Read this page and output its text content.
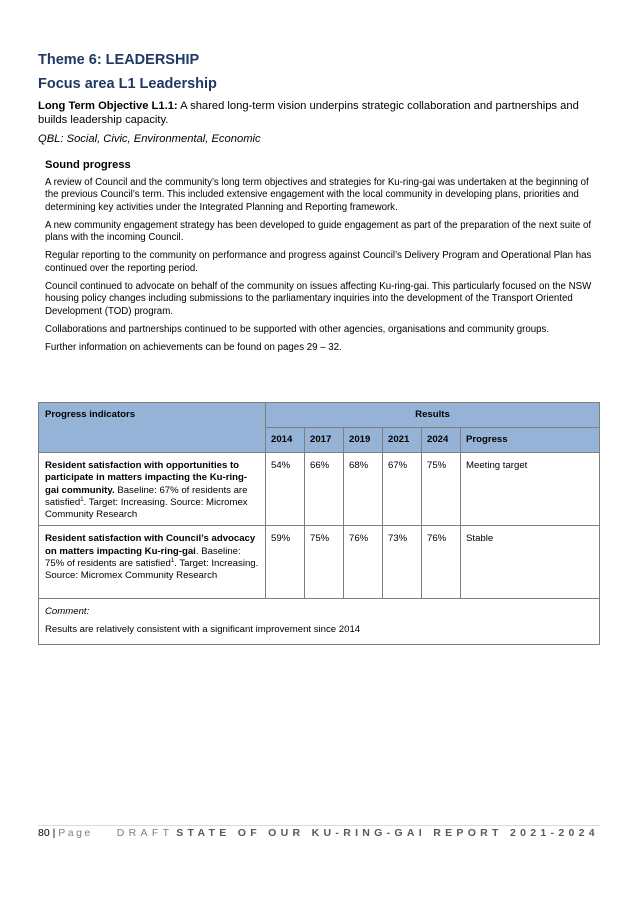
Theme 6: LEADERSHIP
Focus area L1 Leadership
Long Term Objective L1.1: A shared long-term vision underpins strategic collaboration and partnerships and builds leadership capacity.
QBL: Social, Civic, Environmental, Economic
Sound progress

A review of Council and the community’s long term objectives and strategies for Ku-ring-gai was undertaken at the beginning of the previous Council’s term. This included extensive engagement with the local community in developing plans, priorities and determining key activities under the Integrated Planning and Reporting framework.

A new community engagement strategy has been developed to guide engagement as part of the preparation of the next suite of plans with the incoming Council.

Regular reporting to the community on performance and progress against Council’s Delivery Program and Operational Plan has continued over the reporting period.

Council continued to advocate on behalf of the community on issues affecting Ku-ring-gai. This particularly focused on the NSW housing policy changes including submissions to the parliamentary inquiries into the development of the Transport Oriented Development (TOD) program.

Collaborations and partnerships continued to be supported with other agencies, organisations and community groups.

Further information on achievements can be found on pages 29 – 32.

Progress indicators	Results					
	2014	2017	2019	2021	2024	Progress
Resident satisfaction with opportunities to participate in matters impacting the Ku-ring-gai community. Baseline: 67% of residents are satisfied$^1$. Target: Increasing. Source: Micromex Community Research	54%	66%	68%	67%	75%	Meeting target
Resident satisfaction with Council’s advocacy on matters impacting Ku-ring-gai. Baseline: 75% of residents are satisfied$^1$. Target: Increasing. Source: Micromex Community Research	59%	75%	76%	73%	76%	Stable

Comment:
Results are relatively consistent with a significant improvement since 2014						
80 | Page DRAFT STATE OF OUR KU-RING-GAI REPORT 2021-2024
